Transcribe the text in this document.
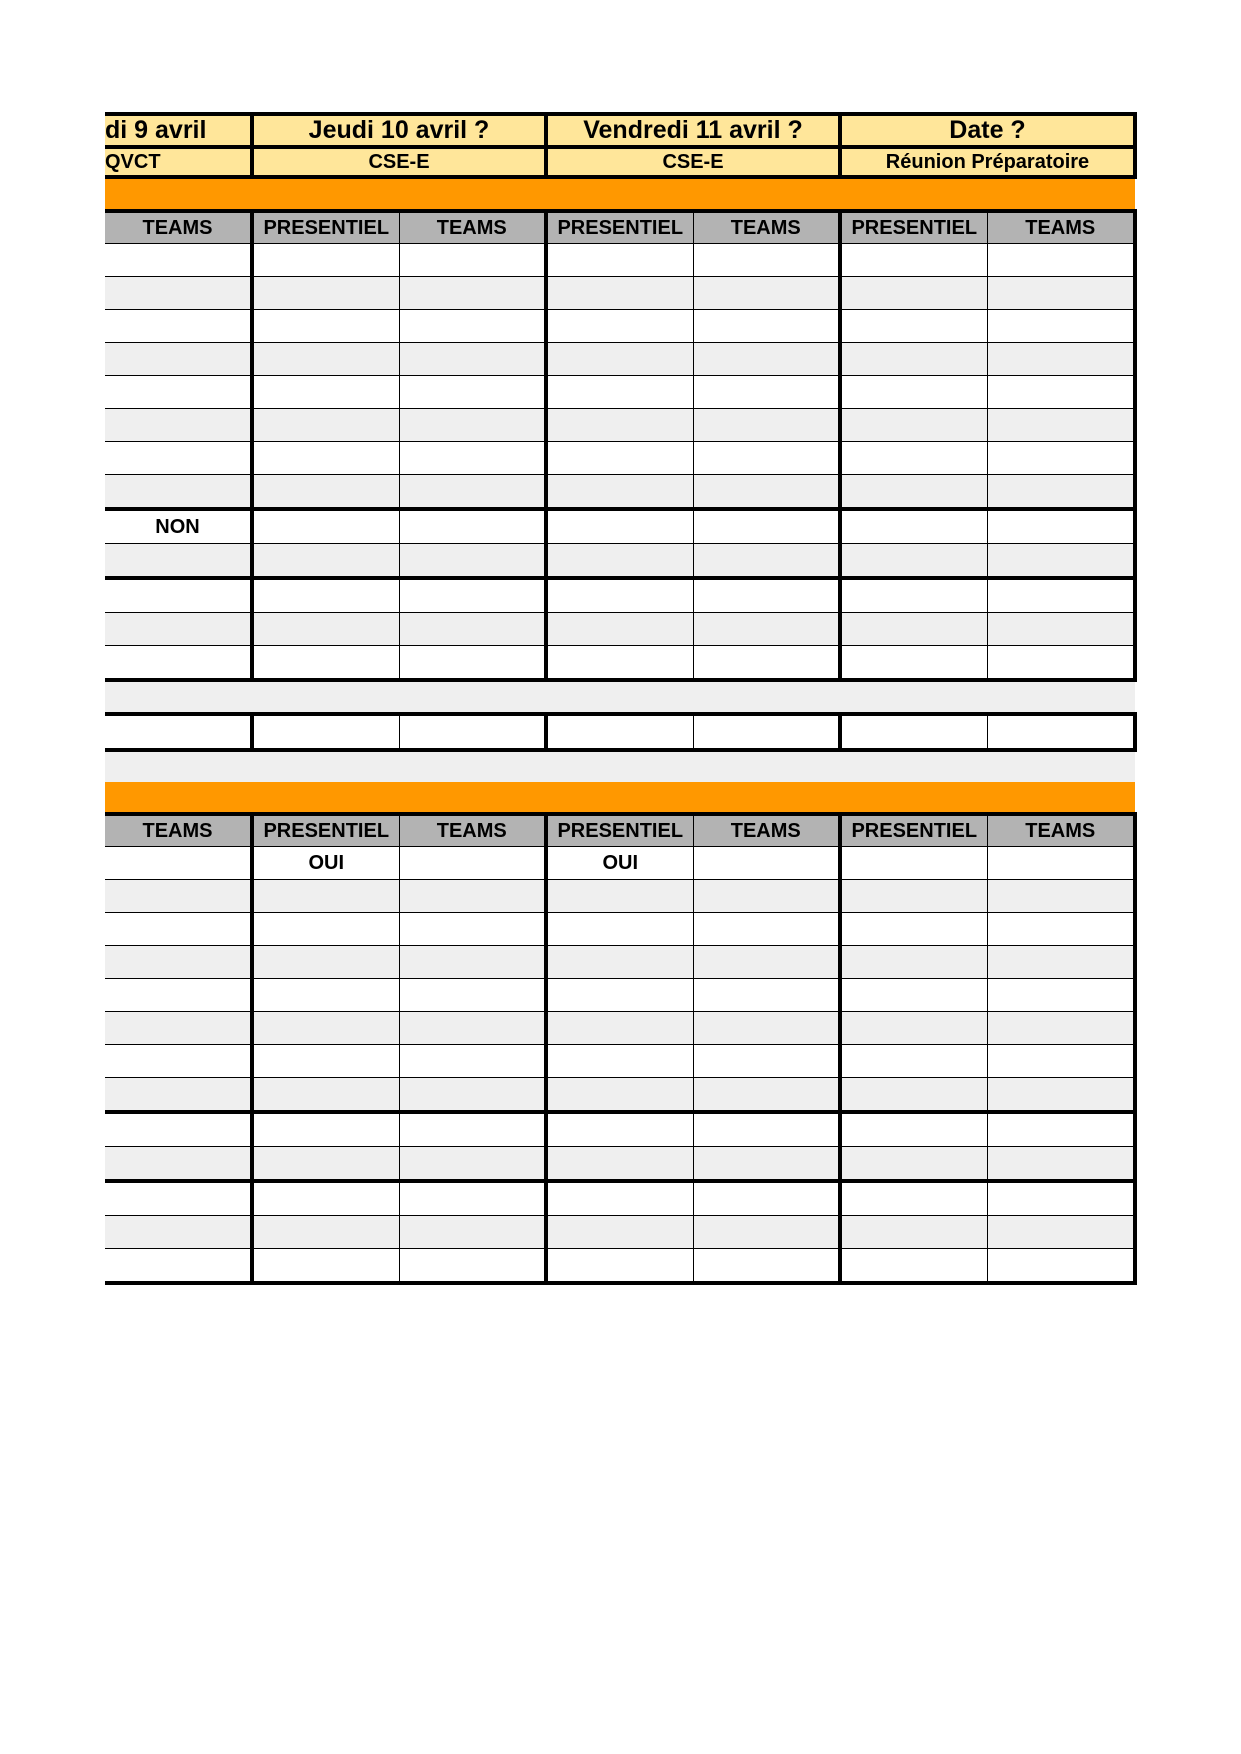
di 9 avril	Jeudi 10 avril ?	Vendredi 11 avril ?	Date ?
QVCT	CSE-E	CSE-E	Réunion Préparatoire
TEAMS	PRESENTIEL	TEAMS	PRESENTIEL	TEAMS	PRESENTIEL	TEAMS

NON						

TEAMS	PRESENTIEL	TEAMS	PRESENTIEL	TEAMS	PRESENTIEL	TEAMS
	OUI		OUI			
